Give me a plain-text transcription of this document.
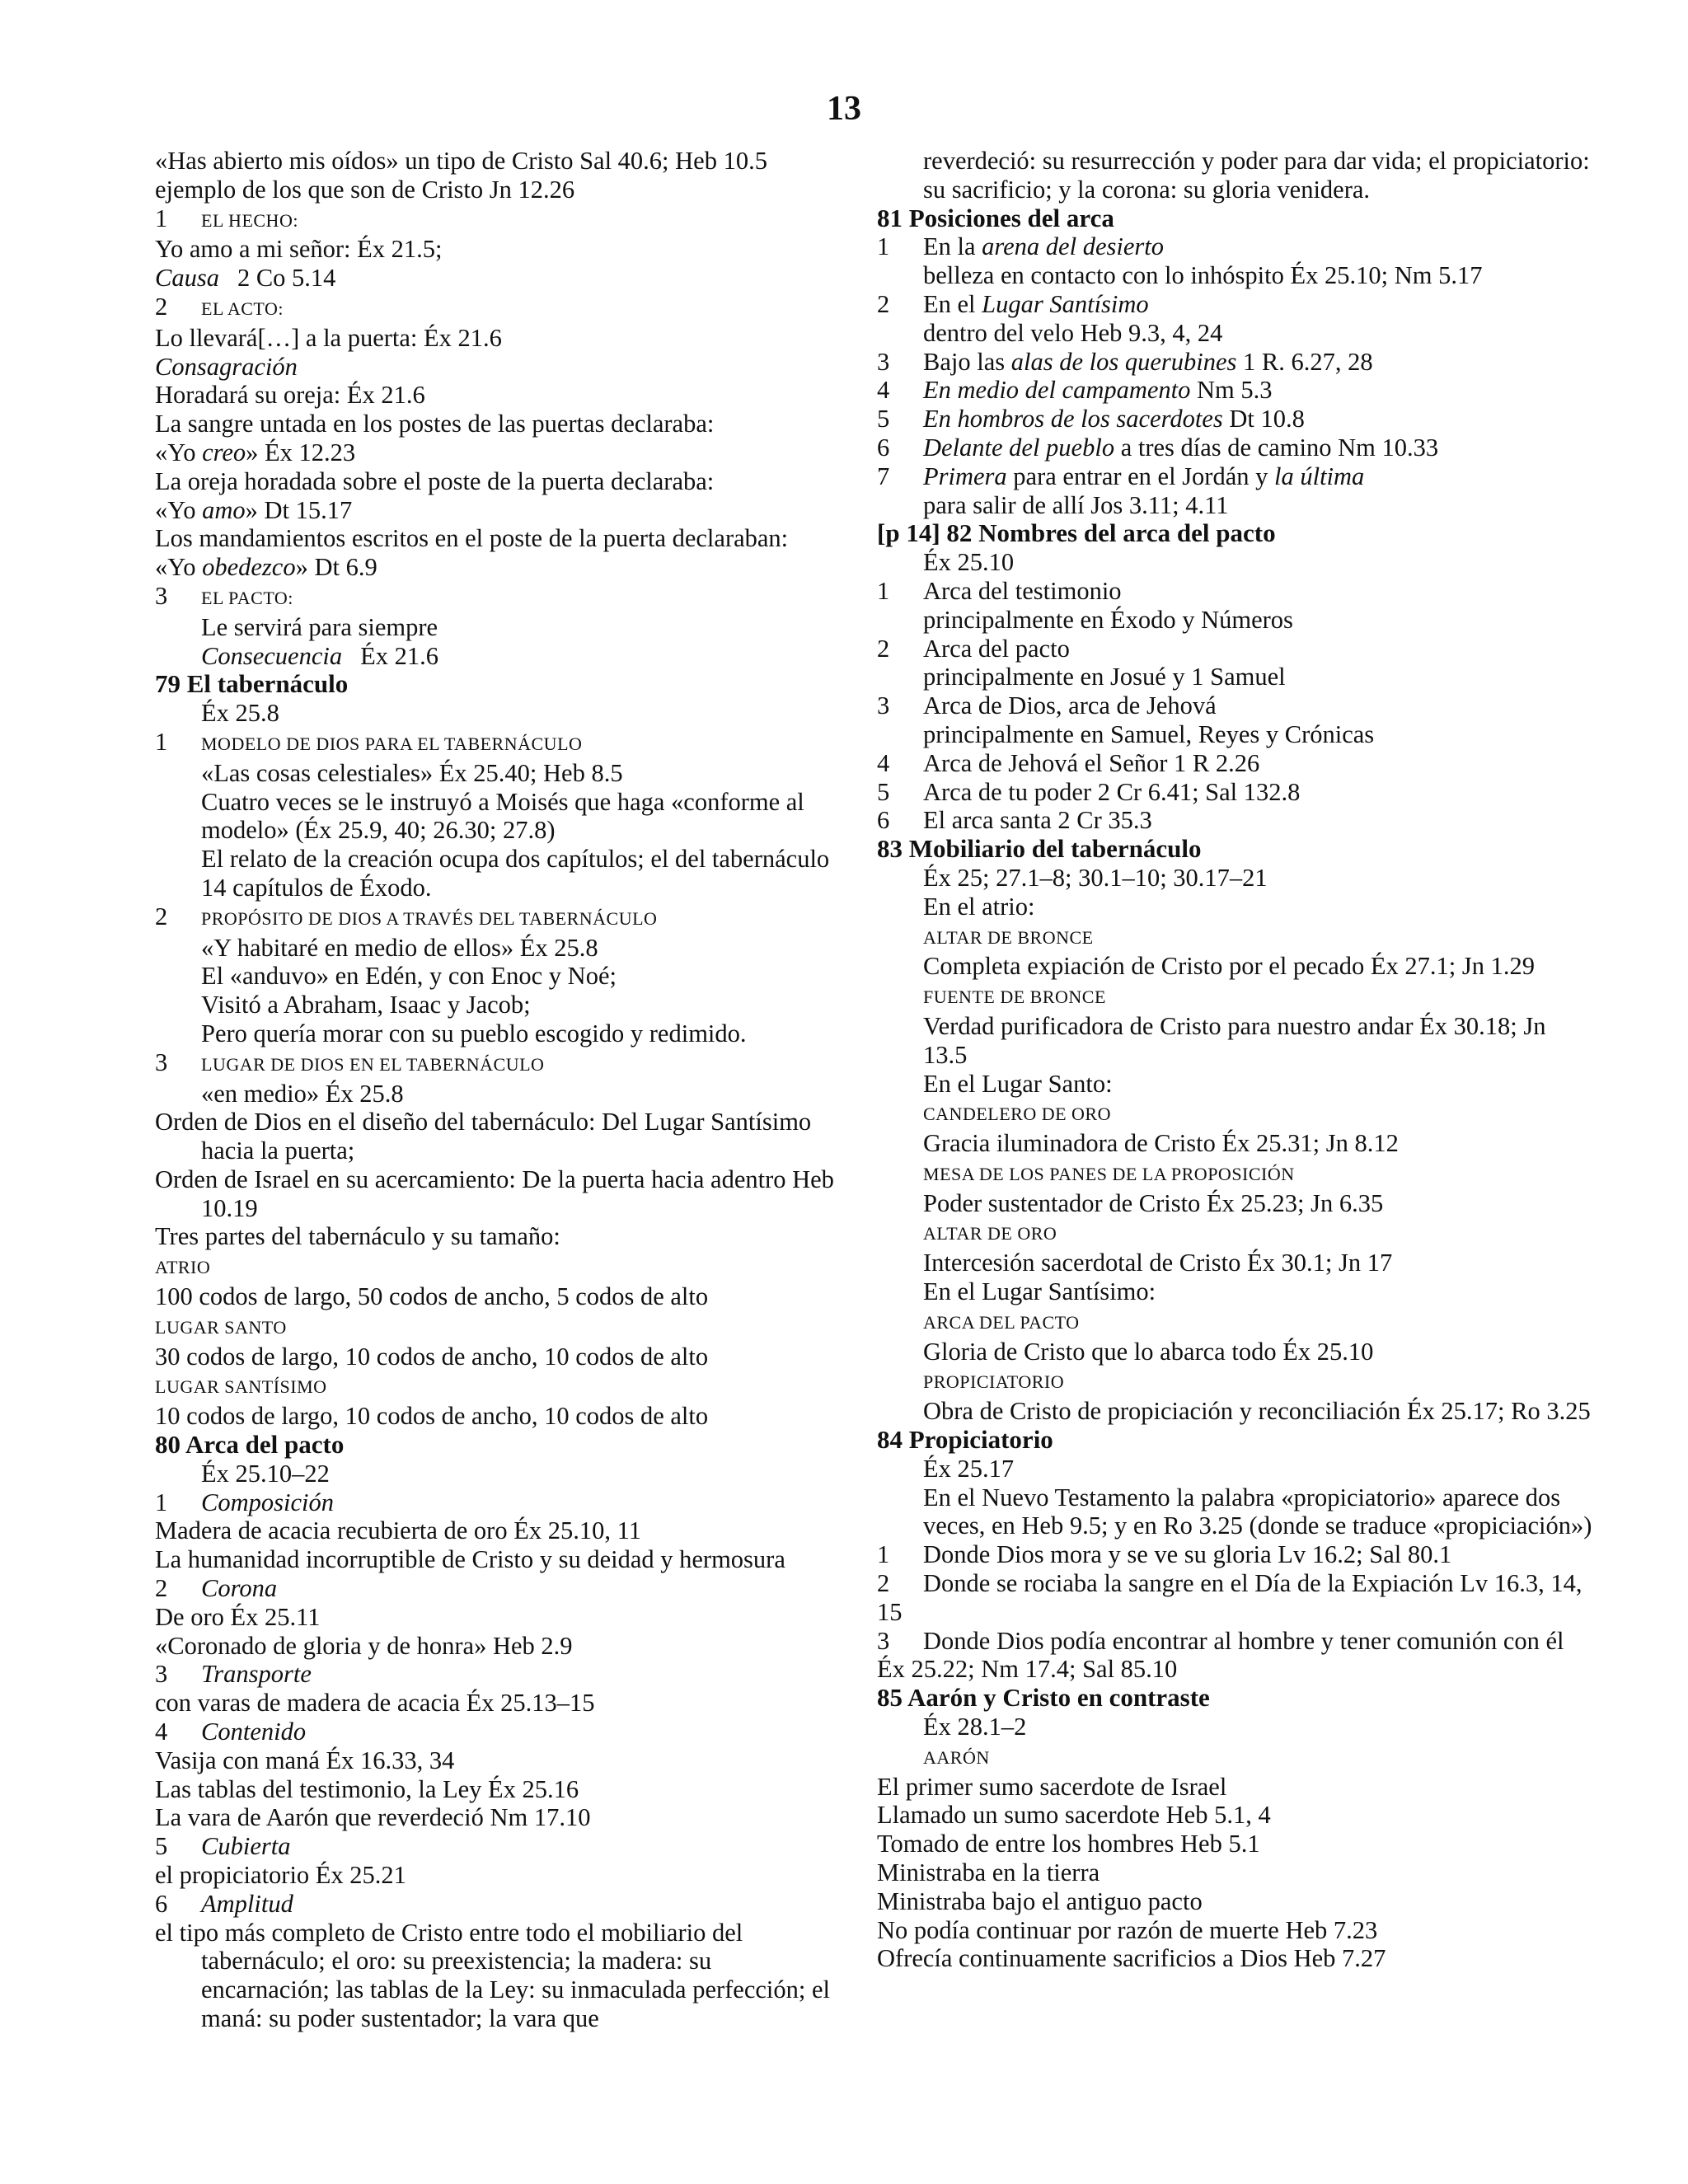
13
«Has abierto mis oídos» un tipo de Cristo Sal 40.6; Heb 10.5
ejemplo de los que son de Cristo Jn 12.26
1 EL HECHO:
Yo amo a mi señor: Éx 21.5;
Causa 2 Co 5.14
2 EL ACTO:
Lo llevará[…] a la puerta: Éx 21.6
Consagración
Horadará su oreja: Éx 21.6
La sangre untada en los postes de las puertas declaraba:
«Yo creo» Éx 12.23
La oreja horadada sobre el poste de la puerta declaraba:
«Yo amo» Dt 15.17
Los mandamientos escritos en el poste de la puerta declaraban:
«Yo obedezco» Dt 6.9
3 EL PACTO:
Le servirá para siempre
Consecuencia Éx 21.6
79 El tabernáculo
Éx 25.8
1 MODELO DE DIOS PARA EL TABERNÁCULO
«Las cosas celestiales» Éx 25.40; Heb 8.5
Cuatro veces se le instruyó a Moisés que haga «conforme al modelo» (Éx 25.9, 40; 26.30; 27.8)
El relato de la creación ocupa dos capítulos; el del tabernáculo 14 capítulos de Éxodo.
2 PROPÓSITO DE DIOS A TRAVÉS DEL TABERNÁCULO
«Y habitaré en medio de ellos» Éx 25.8
El «anduvo» en Edén, y con Enoc y Noé;
Visitó a Abraham, Isaac y Jacob;
Pero quería morar con su pueblo escogido y redimido.
3 LUGAR DE DIOS EN EL TABERNÁCULO
«en medio» Éx 25.8
Orden de Dios en el diseño del tabernáculo: Del Lugar Santísimo hacia la puerta;
Orden de Israel en su acercamiento: De la puerta hacia adentro Heb 10.19
Tres partes del tabernáculo y su tamaño:
ATRIO
100 codos de largo, 50 codos de ancho, 5 codos de alto
LUGAR SANTO
30 codos de largo, 10 codos de ancho, 10 codos de alto
LUGAR SANTÍSIMO
10 codos de largo, 10 codos de ancho, 10 codos de alto
80 Arca del pacto
Éx 25.10–22
1 Composición
Madera de acacia recubierta de oro Éx 25.10, 11
La humanidad incorruptible de Cristo y su deidad y hermosura
2 Corona
De oro Éx 25.11
«Coronado de gloria y de honra» Heb 2.9
3 Transporte
con varas de madera de acacia Éx 25.13–15
4 Contenido
Vasija con maná Éx 16.33, 34
Las tablas del testimonio, la Ley Éx 25.16
La vara de Aarón que reverdeció Nm 17.10
5 Cubierta
el propiciatorio Éx 25.21
6 Amplitud
el tipo más completo de Cristo entre todo el mobiliario del tabernáculo; el oro: su preexistencia; la madera: su encarnación; las tablas de la Ley: su inmaculada perfección; el maná: su poder sustentador; la vara que
reverdeció: su resurrección y poder para dar vida; el propiciatorio: su sacrificio; y la corona: su gloria venidera.
81 Posiciones del arca
1 En la arena del desierto
belleza en contacto con lo inhóspito Éx 25.10; Nm 5.17
2 En el Lugar Santísimo
dentro del velo Heb 9.3, 4, 24
3 Bajo las alas de los querubines 1 R. 6.27, 28
4 En medio del campamento Nm 5.3
5 En hombros de los sacerdotes Dt 10.8
6 Delante del pueblo a tres días de camino Nm 10.33
7 Primera para entrar en el Jordán y la última
para salir de allí Jos 3.11; 4.11
[p 14] 82 Nombres del arca del pacto
Éx 25.10
1 Arca del testimonio
principalmente en Éxodo y Números
2 Arca del pacto
principalmente en Josué y 1 Samuel
3 Arca de Dios, arca de Jehová
principalmente en Samuel, Reyes y Crónicas
4 Arca de Jehová el Señor 1 R 2.26
5 Arca de tu poder 2 Cr 6.41; Sal 132.8
6 El arca santa 2 Cr 35.3
83 Mobiliario del tabernáculo
Éx 25; 27.1–8; 30.1–10; 30.17–21
En el atrio:
ALTAR DE BRONCE
Completa expiación de Cristo por el pecado Éx 27.1; Jn 1.29
FUENTE DE BRONCE
Verdad purificadora de Cristo para nuestro andar Éx 30.18; Jn 13.5
En el Lugar Santo:
CANDELERO DE ORO
Gracia iluminadora de Cristo Éx 25.31; Jn 8.12
MESA DE LOS PANES DE LA PROPOSICIÓN
Poder sustentador de Cristo Éx 25.23; Jn 6.35
ALTAR DE ORO
Intercesión sacerdotal de Cristo Éx 30.1; Jn 17
En el Lugar Santísimo:
ARCA DEL PACTO
Gloria de Cristo que lo abarca todo Éx 25.10
PROPICIATORIO
Obra de Cristo de propiciación y reconciliación Éx 25.17; Ro 3.25
84 Propiciatorio
Éx 25.17
En el Nuevo Testamento la palabra «propiciatorio» aparece dos veces, en Heb 9.5; y en Ro 3.25 (donde se traduce «propiciación»)
1 Donde Dios mora y se ve su gloria Lv 16.2; Sal 80.1
2 Donde se rociaba la sangre en el Día de la Expiación Lv 16.3, 14, 15
3 Donde Dios podía encontrar al hombre y tener comunión con él Éx 25.22; Nm 17.4; Sal 85.10
85 Aarón y Cristo en contraste
Éx 28.1–2
AARÓN
El primer sumo sacerdote de Israel
Llamado un sumo sacerdote Heb 5.1, 4
Tomado de entre los hombres Heb 5.1
Ministraba en la tierra
Ministraba bajo el antiguo pacto
No podía continuar por razón de muerte Heb 7.23
Ofrecía continuamente sacrificios a Dios Heb 7.27
